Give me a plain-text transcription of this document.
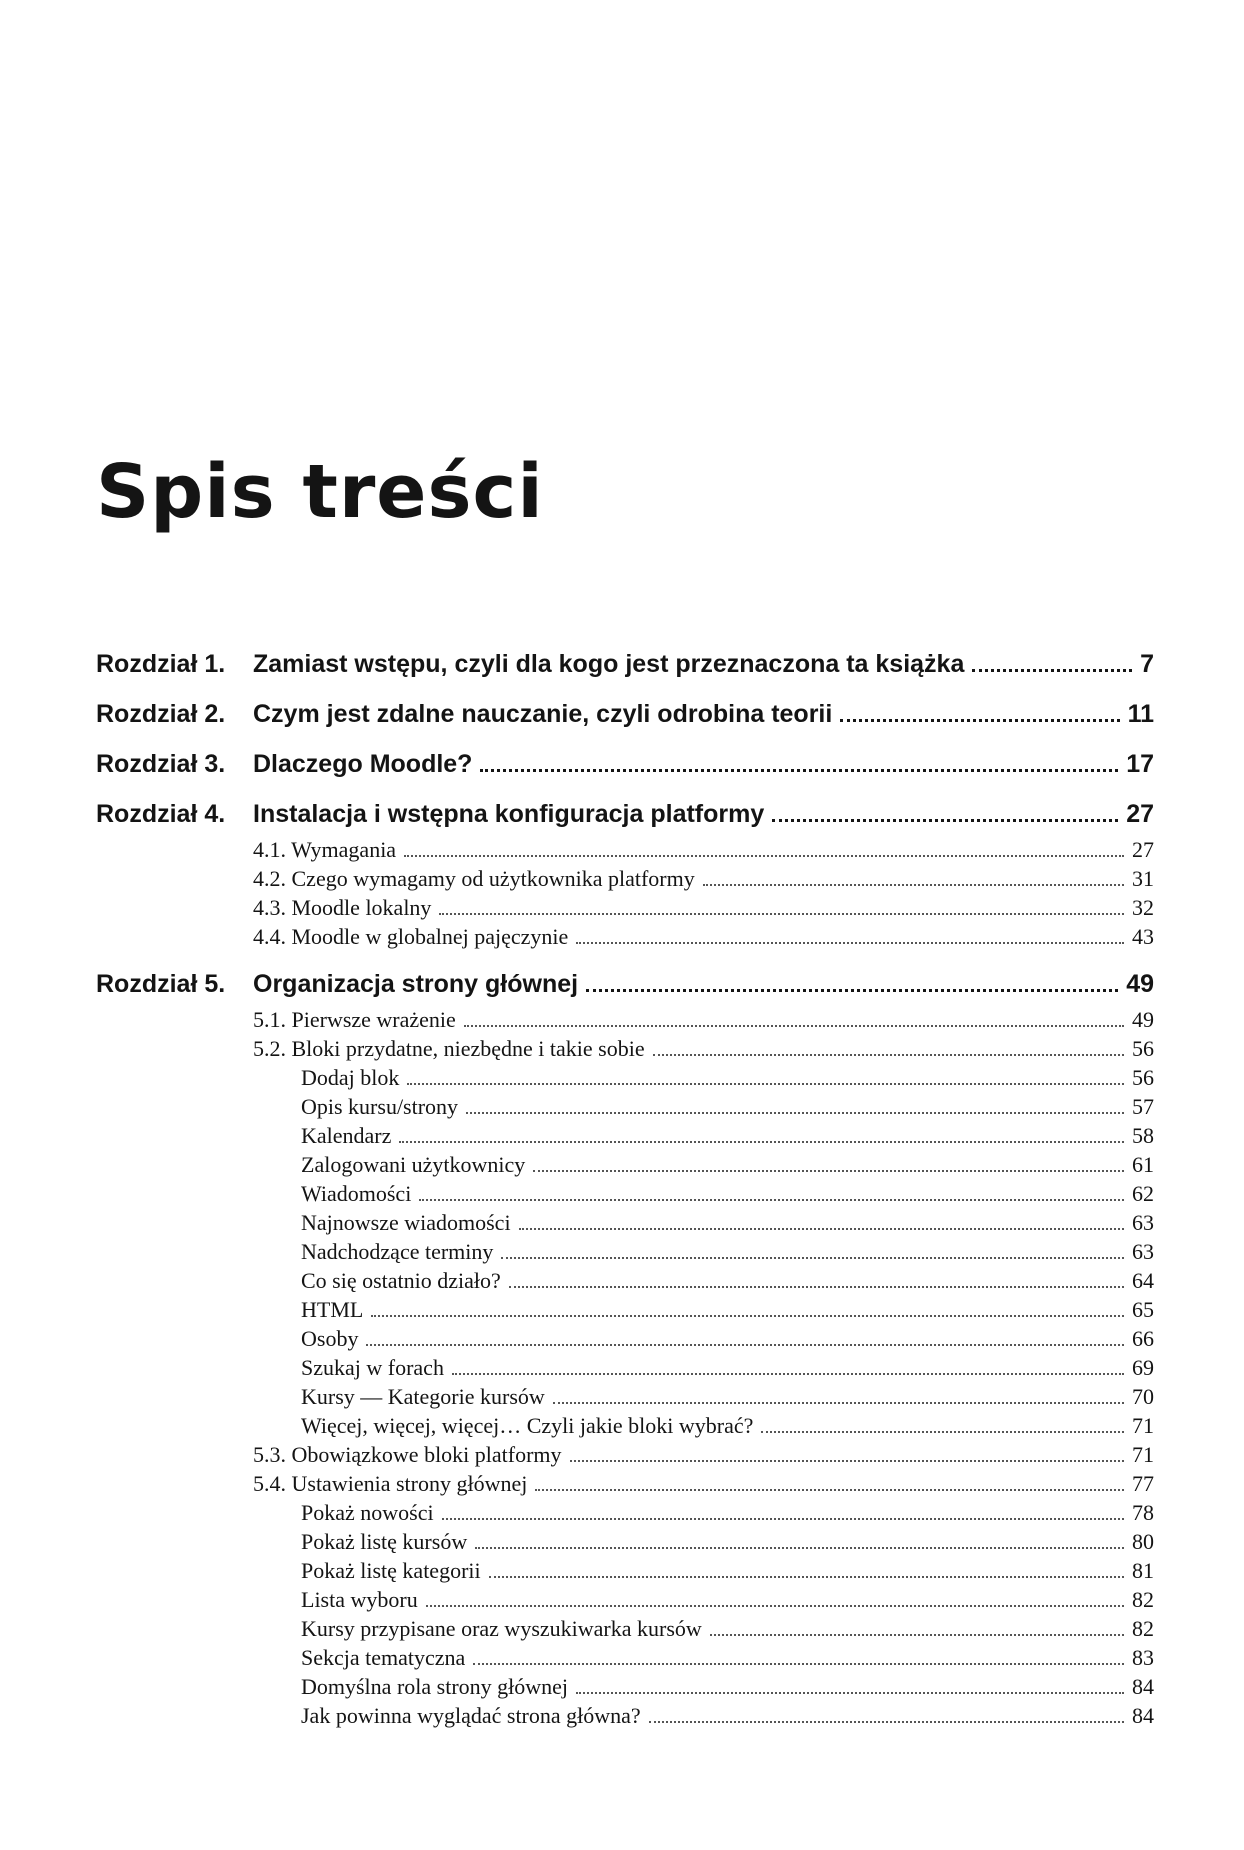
Spis treści
Rozdział 1.	Zamiast wstępu, czyli dla kogo jest przeznaczona ta książka	7
Rozdział 2.	Czym jest zdalne nauczanie, czyli odrobina teorii	11
Rozdział 3.	Dlaczego Moodle?	17
Rozdział 4.	Instalacja i wstępna konfiguracja platformy	27
4.1. Wymagania	27
4.2. Czego wymagamy od użytkownika platformy	31
4.3. Moodle lokalny	32
4.4. Moodle w globalnej pajęczynie	43
Rozdział 5.	Organizacja strony głównej	49
5.1. Pierwsze wrażenie	49
5.2. Bloki przydatne, niezbędne i takie sobie	56
Dodaj blok	56
Opis kursu/strony	57
Kalendarz	58
Zalogowani użytkownicy	61
Wiadomości	62
Najnowsze wiadomości	63
Nadchodzące terminy	63
Co się ostatnio działo?	64
HTML	65
Osoby	66
Szukaj w forach	69
Kursy — Kategorie kursów	70
Więcej, więcej, więcej… Czyli jakie bloki wybrać?	71
5.3. Obowiązkowe bloki platformy	71
5.4. Ustawienia strony głównej	77
Pokaż nowości	78
Pokaż listę kursów	80
Pokaż listę kategorii	81
Lista wyboru	82
Kursy przypisane oraz wyszukiwarka kursów	82
Sekcja tematyczna	83
Domyślna rola strony głównej	84
Jak powinna wyglądać strona główna?	84
